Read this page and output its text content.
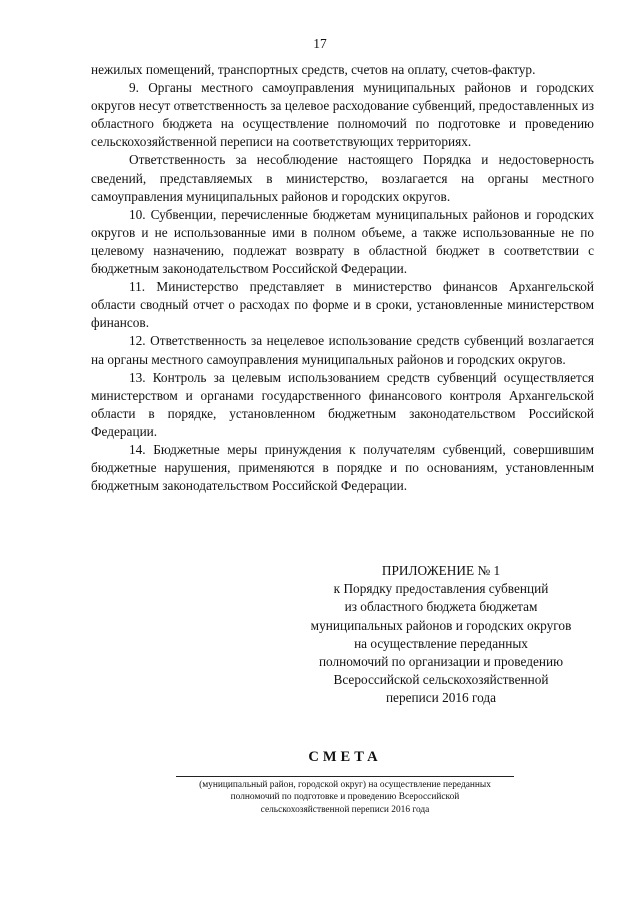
17

нежилых помещений, транспортных средств, счетов на оплату, счетов-фактур.

9. Органы местного самоуправления муниципальных районов и городских округов несут ответственность за целевое расходование субвенций, предоставленных из областного бюджета на осуществление полномочий по подготовке и проведению сельскохозяйственной переписи на соответствующих территориях.

Ответственность за несоблюдение настоящего Порядка и недостоверность сведений, представляемых в министерство, возлагается на органы местного самоуправления муниципальных районов и городских округов.

10. Субвенции, перечисленные бюджетам муниципальных районов и городских округов и не использованные ими в полном объеме, а также использованные не по целевому назначению, подлежат возврату в областной бюджет в соответствии с бюджетным законодательством Российской Федерации.

11. Министерство представляет в министерство финансов Архангельской области сводный отчет о расходах по форме и в сроки, установленные министерством финансов.

12. Ответственность за нецелевое использование средств субвенций возлагается на органы местного самоуправления муниципальных районов и городских округов.

13. Контроль за целевым использованием средств субвенций осуществляется министерством и органами государственного финансового контроля Архангельской области в порядке, установленном бюджетным законодательством Российской Федерации.

14. Бюджетные меры принуждения к получателям субвенций, совершившим бюджетные нарушения, применяются в порядке и по основаниям, установленным бюджетным законодательством Российской Федерации.

ПРИЛОЖЕНИЕ № 1
к Порядку предоставления субвенций
из областного бюджета бюджетам
муниципальных районов и городских округов
на осуществление переданных
полномочий по организации и проведению
Всероссийской сельскохозяйственной
переписи 2016 года
СМЕТА
(муниципальный район, городской округ) на осуществление переданных
полномочий по подготовке и проведению Всероссийской
сельскохозяйственной переписи 2016 года
